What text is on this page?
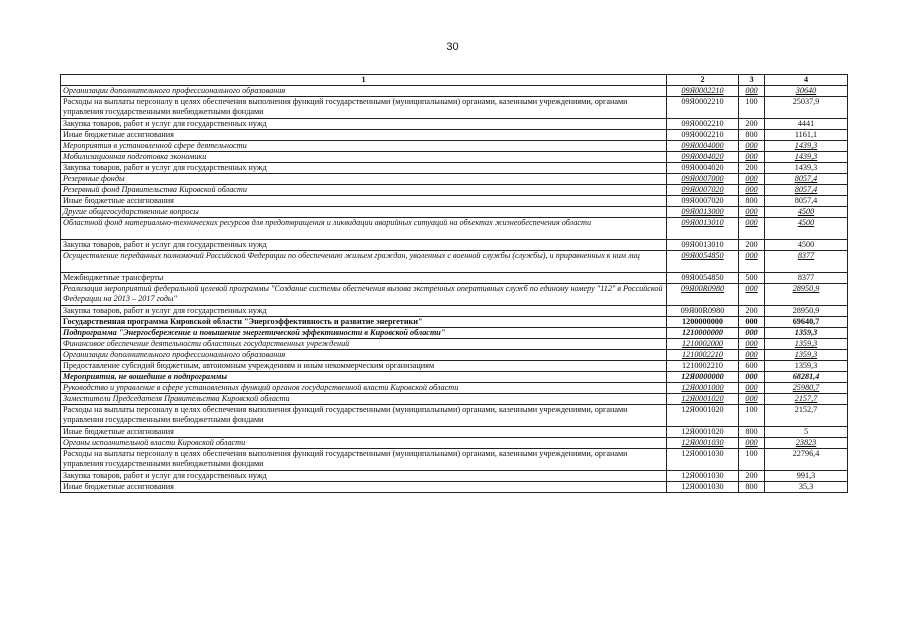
30
1	2	3	4
Организации дополнительного профессионального образования	09Я0002210	000	30640
Расходы на выплаты персоналу в целях обеспечения выполнения функций государственными (муниципальными) органами, казенными учреждениями, органами управления государственными внебюджетными фондами	09Я0002210	100	25037,9
Закупка товаров, работ и услуг для государственных нужд	09Я0002210	200	4441
Иные бюджетные ассигнования	09Я0002210	800	1161,1
Мероприятия в установленной сфере деятельности	09Я0004000	000	1439,3
Мобилизационная подготовка экономики	09Я0004020	000	1439,3
Закупка товаров, работ и услуг для государственных нужд	09Я0004020	200	1439,3
Резервные фонды	09Я0007000	000	8057,4
Резервный фонд Правительства Кировской области	09Я0007020	000	8057,4
Иные бюджетные ассигнования	09Я0007020	800	8057,4
Другие общегосударственные вопросы	09Я0013000	000	4500
Областной фонд материально-технических ресурсов для предотвращения и ликвидации аварийных ситуаций на объектах жизнеобеспечения области	09Я0013010	000	4500
Закупка товаров, работ и услуг для государственных нужд	09Я0013010	200	4500
Осуществление переданных полномочий Российской Федерации по обеспечению жильем граждан, уволенных с военной службы (службы), и приравненных к ним лиц	09Я0054850	000	8377
Межбюджетные трансферты	09Я0054850	500	8377
Реализация мероприятий федеральной целевой программы "Создание системы обеспечения вызова экстренных оперативных служб по единому номеру "112" в Российской Федерации на 2013 – 2017 годы"	09Я00R0980	000	28950,9
Закупка товаров, работ и услуг для государственных нужд	09Я00R0980	200	28950,9
Государственная программа Кировской области "Энергоэффективность и развитие энергетики"	1200000000	000	69640,7
Подпрограмма "Энергосбережение и повышение энергетической эффективности в Кировской области"	1210000000	000	1359,3
Финансовое обеспечение деятельности областных государственных учреждений	1210002000	000	1359,3
Организации дополнительного профессионального образования	1210002210	000	1359,3
Предоставление субсидий бюджетным, автономным учреждениям и иным некоммерческим организациям	1210002210	600	1359,3
Мероприятия, не вошедшие в подпрограммы	12Я0000000	000	68281,4
Руководство и управление в сфере установленных функций органов государственной власти Кировской области	12Я0001000	000	25980,7
Заместители Председателя Правительства Кировской области	12Я0001020	000	2157,7
Расходы на выплаты персоналу в целях обеспечения выполнения функций государственными (муниципальными) органами, казенными учреждениями, органами управления государственными внебюджетными фондами	12Я0001020	100	2152,7
Иные бюджетные ассигнования	12Я0001020	800	5
Органы исполнительной власти Кировской области	12Я0001030	000	23823
Расходы на выплаты персоналу в целях обеспечения выполнения функций государственными (муниципальными) органами, казенными учреждениями, органами управления государственными внебюджетными фондами	12Я0001030	100	22796,4
Закупка товаров, работ и услуг для государственных нужд	12Я0001030	200	991,3
Иные бюджетные ассигнования	12Я0001030	800	35,3
